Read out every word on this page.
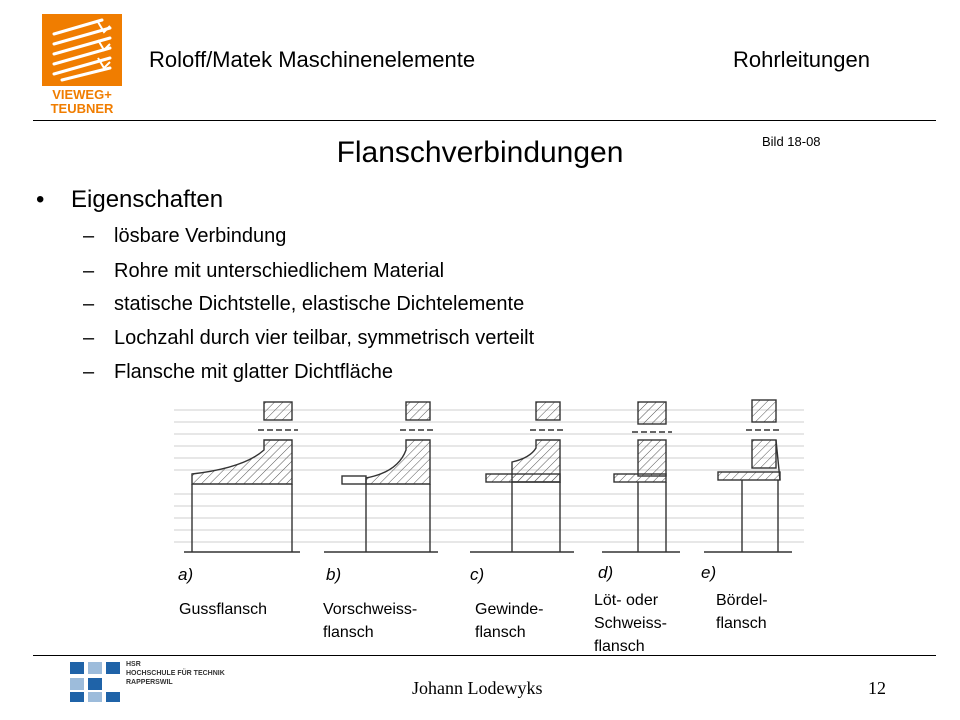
VIEWEG+
TEUBNER
Roloff/Matek Maschinenelemente	Rohrleitungen
Flanschverbindungen	Bild 18-08
• Eigenschaften
– lösbare Verbindung
– Rohre mit unterschiedlichem Material
– statische Dichtstelle, elastische Dichtelemente
– Lochzahl durch vier teilbar, symmetrisch verteilt
– Flansche mit glatter Dichtfläche
a)	b)	c)	d)	e)
Gussflansch	Vorschweiss-
flansch
Gewinde-
flansch
Löt- oder
Schweiss-
flansch
Bördel-
flansch
HSR
HOCHSCHULE FÜR TECHNIK
RAPPERSWIL	Johann Lodewyks	12
